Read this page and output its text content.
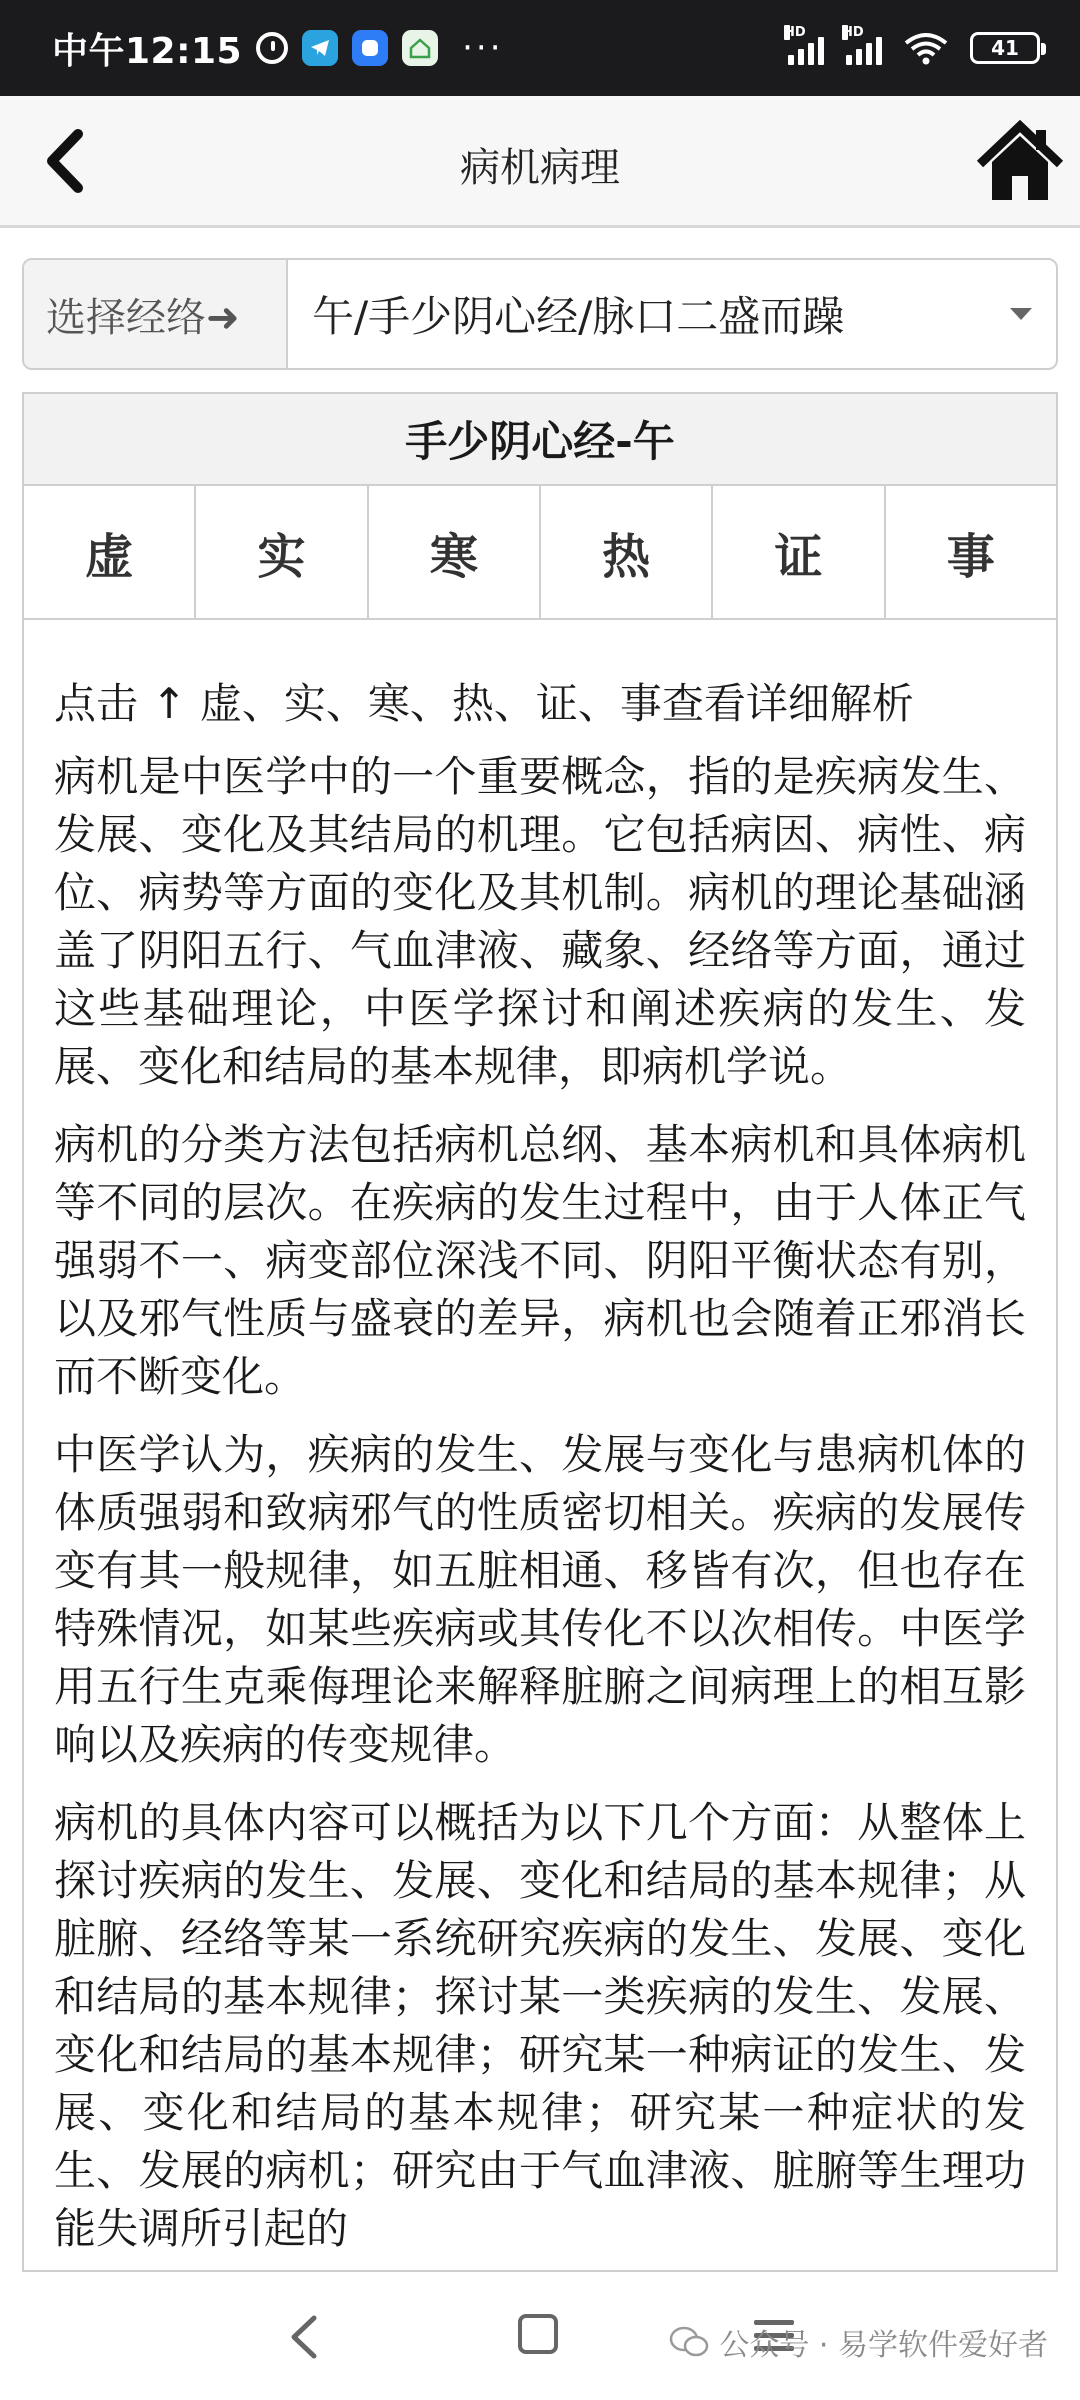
中午12:15	···	HD	HD
41
病机病理
选择经络➜	午/手少阴心经/脉口二盛而躁
手少阴心经-午
虚	实	寒	热	证	事

点击 ↑ 虚、实、寒、热、证、事查看详细解析

病机是中医学中的一个重要概念，指的是疾病发生、发展、变化及其结局的机理。它包括病因、病性、病位、病势等方面的变化及其机制。病机的理论基础涵盖了阴阳五行、气血津液、藏象、经络等方面，通过这些基础理论，中医学探讨和阐述疾病的发生、发展、变化和结局的基本规律，即病机学说。

病机的分类方法包括病机总纲、基本病机和具体病机等不同的层次。在疾病的发生过程中，由于人体正气强弱不一、病变部位深浅不同、阴阳平衡状态有别，以及邪气性质与盛衰的差异，病机也会随着正邪消长而不断变化。

中医学认为，疾病的发生、发展与变化与患病机体的体质强弱和致病邪气的性质密切相关。疾病的发展传变有其一般规律，如五脏相通、移皆有次，但也存在特殊情况，如某些疾病或其传化不以次相传。中医学用五行生克乘侮理论来解释脏腑之间病理上的相互影响以及疾病的传变规律。

病机的具体内容可以概括为以下几个方面：从整体上探讨疾病的发生、发展、变化和结局的基本规律；从脏腑、经络等某一系统研究疾病的发生、发展、变化和结局的基本规律；探讨某一类疾病的发生、发展、变化和结局的基本规律；研究某一种病证的发生、发展、变化和结局的基本规律；研究某一种症状的发生、发展的病机；研究由于气血津液、脏腑等生理功能失调所引起的

公众号 · 易学软件爱好者
